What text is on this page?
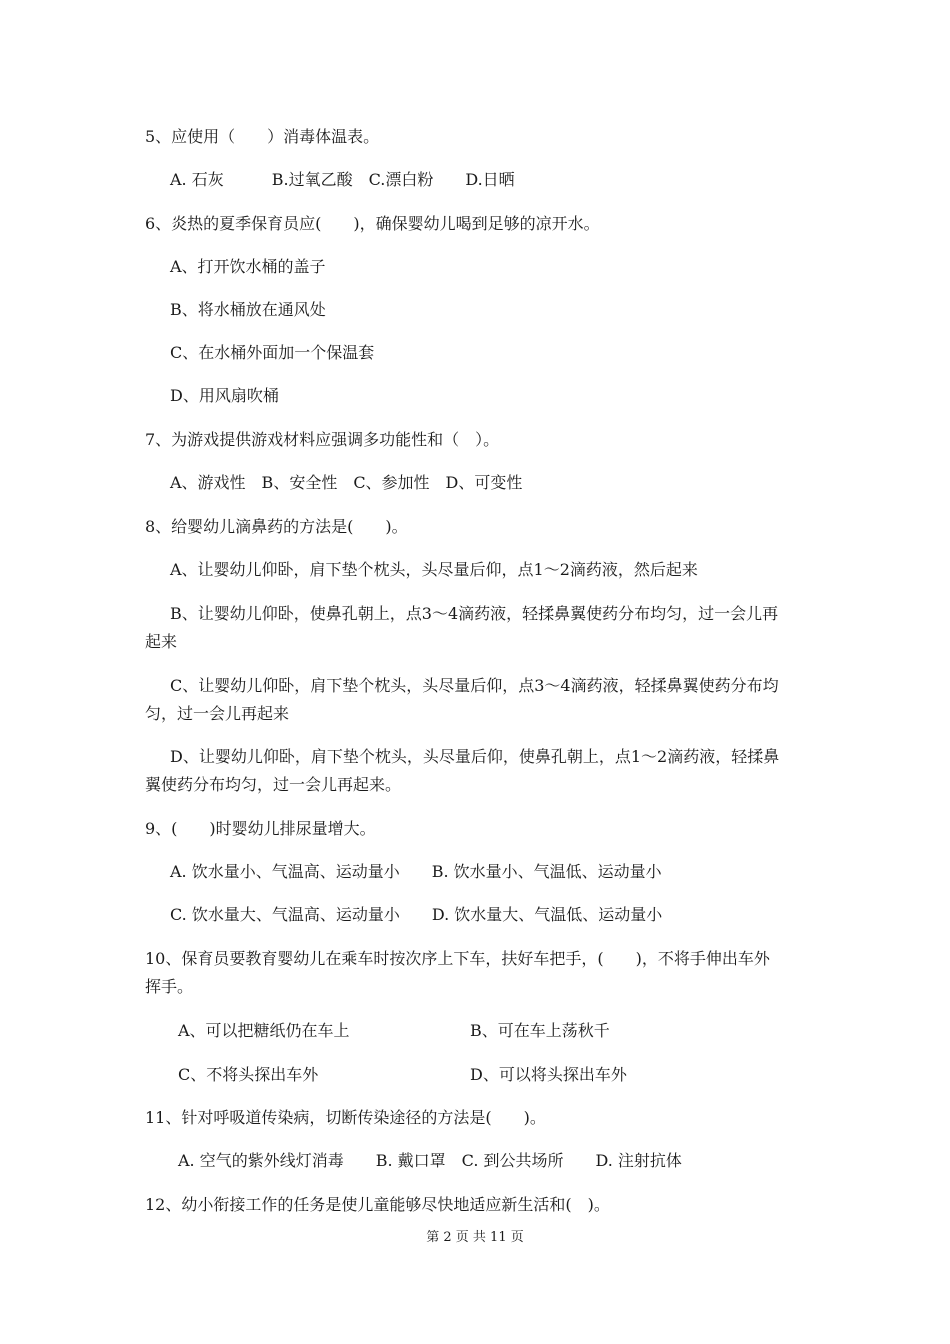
5、应使用（　　）消毒体温表。
A. 石灰　　　B.过氧乙酸　C.漂白粉　　D.日晒
6、炎热的夏季保育员应(　　)，确保婴幼儿喝到足够的凉开水。
A、打开饮水桶的盖子
B、将水桶放在通风处
C、在水桶外面加一个保温套
D、用风扇吹桶
7、为游戏提供游戏材料应强调多功能性和（　）。
A、游戏性　B、安全性　C、参加性　D、可变性
8、给婴幼儿滴鼻药的方法是(　　)。
A、让婴幼儿仰卧，肩下垫个枕头，头尽量后仰，点1～2滴药液，然后起来
B、让婴幼儿仰卧，使鼻孔朝上，点3～4滴药液，轻揉鼻翼使药分布均匀，过一会儿再
起来
C、让婴幼儿仰卧，肩下垫个枕头，头尽量后仰，点3～4滴药液，轻揉鼻翼使药分布均
匀，过一会儿再起来
D、让婴幼儿仰卧，肩下垫个枕头，头尽量后仰，使鼻孔朝上，点1～2滴药液，轻揉鼻
翼使药分布均匀，过一会儿再起来。
9、(　　)时婴幼儿排尿量增大。
A. 饮水量小、气温高、运动量小　　B. 饮水量小、气温低、运动量小
C. 饮水量大、气温高、运动量小　　D. 饮水量大、气温低、运动量小
10、保育员要教育婴幼儿在乘车时按次序上下车，扶好车把手，(　　)，不将手伸出车外
挥手。
A、可以把糖纸仍在车上	B、可在车上荡秋千
C、不将头探出车外	D、可以将头探出车外
11、针对呼吸道传染病，切断传染途径的方法是(　　)。
A. 空气的紫外线灯消毒　　B. 戴口罩　C. 到公共场所　　D. 注射抗体
12、幼小衔接工作的任务是使儿童能够尽快地适应新生活和(　)。
第 2 页 共 11 页
